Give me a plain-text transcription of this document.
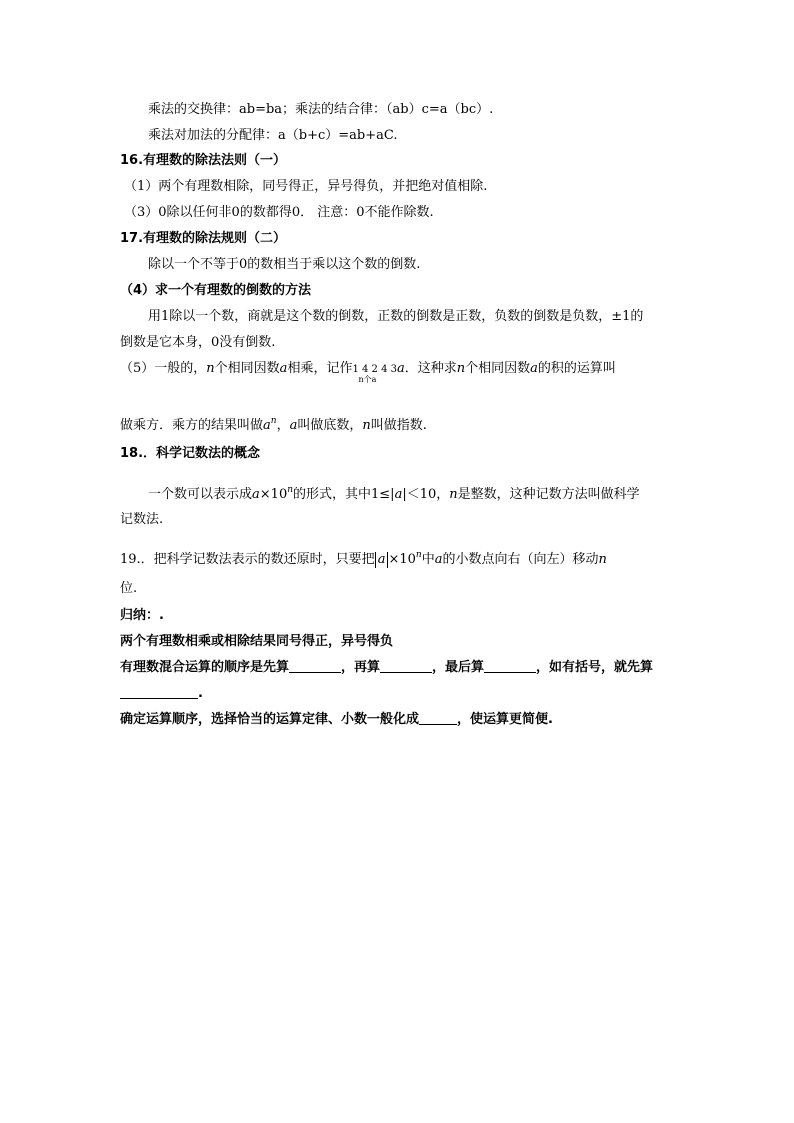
乘法的交换律：ab=ba；乘法的结合律：（ab）c=a（bc）.
乘法对加法的分配律：a（b+c）=ab+aC.
16.有理数的除法法则（一）
（1）两个有理数相除，同号得正，异号得负，并把绝对值相除.
（3）0除以任何非0的数都得0． 注意：0不能作除数.
17.有理数的除法规则（二）
除以一个不等于0的数相当于乘以这个数的倒数.
（4）求一个有理数的倒数的方法
用1除以一个数，商就是这个数的倒数，正数的倒数是正数，负数的倒数是负数，±1的
倒数是它本身，0没有倒数.
（5）一般的，n个相同因数a相乘，记作1 4 2 4 3
n个a
a．这种求n个相同因数a的积的运算叫
做乘方．乘方的结果叫做$a^n$，a叫做底数，n叫做指数.
18.．科学记数法的概念
一个数可以表示成$a\times 10^n$的形式，其中1≤|a|＜10，n是整数，这种记数方法叫做科学
记数法.
19.．把科学记数法表示的数还原时，只要把 $a \times 10^n$中a的小数点向右（向左）移动n
位.
归纳：.
两个有理数相乘或相除结果同号得正，异号得负
有理数混合运算的顺序是先算	，再算	，最后算	，如有括号，就先算
.
确定运算顺序，选择恰当的运算定律、小数一般化成	，使运算更简便.
